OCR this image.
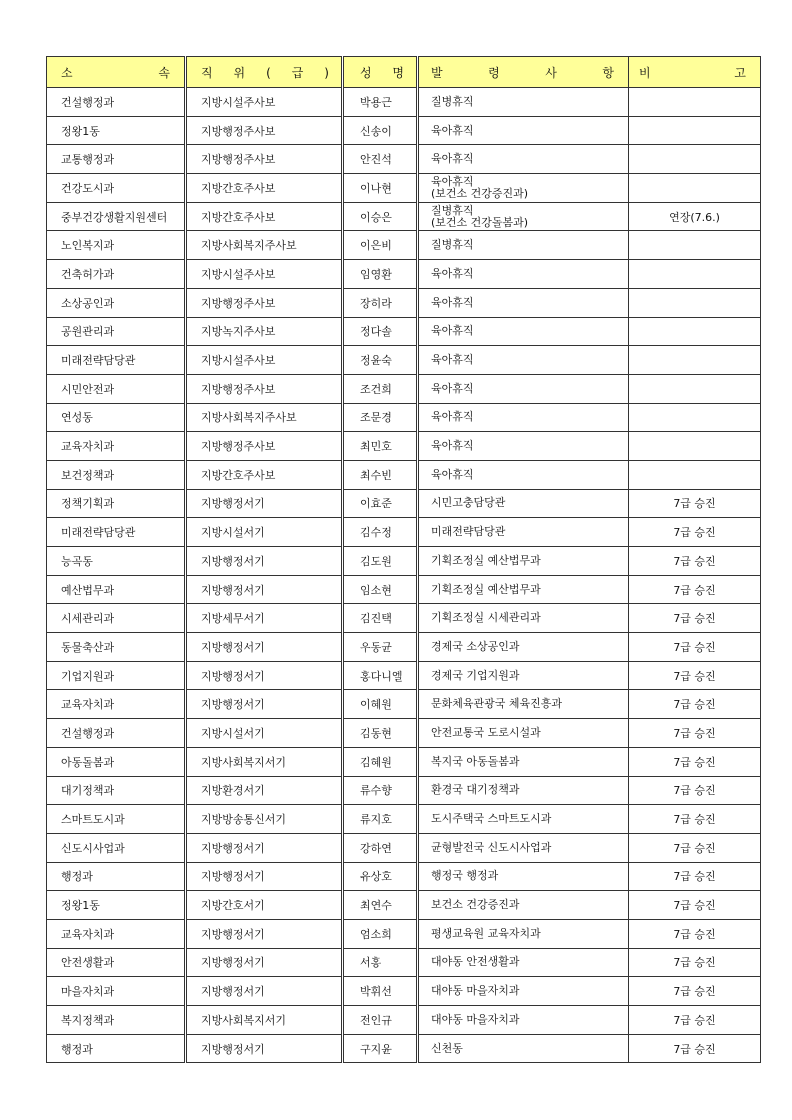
소 속	직 위 ( 급 )	성 명	발 령 사 항	비 고
건설행정과	지방시설주사보	박용근	질병휴직	

정왕1동	지방행정주사보	신송이	육아휴직	

교통행정과	지방행정주사보	안진석	육아휴직	

건강도시과	지방간호주사보	이나현	육아휴직
(보건소 건강증진과)	

중부건강생활지원센터	지방간호주사보	이승은	질병휴직
(보건소 건강돌봄과)	연장(7.6.)
노인복지과	지방사회복지주사보	이은비	질병휴직	

건축허가과	지방시설주사보	임영환	육아휴직	

소상공인과	지방행정주사보	장히라	육아휴직	

공원관리과	지방녹지주사보	정다솔	육아휴직	

미래전략담당관	지방시설주사보	정윤숙	육아휴직	

시민안전과	지방행정주사보	조건희	육아휴직	

연성동	지방사회복지주사보	조문경	육아휴직	

교육자치과	지방행정주사보	최민호	육아휴직	

보건정책과	지방간호주사보	최수빈	육아휴직	

정책기획과	지방행정서기	이효준	시민고충담당관	7급 승진
미래전략담당관	지방시설서기	김수정	미래전략담당관	7급 승진
능곡동	지방행정서기	김도원	기획조정실 예산법무과	7급 승진
예산법무과	지방행정서기	임소현	기획조정실 예산법무과	7급 승진
시세관리과	지방세무서기	김진택	기획조정실 시세관리과	7급 승진
동물축산과	지방행정서기	우동균	경제국 소상공인과	7급 승진
기업지원과	지방행정서기	홍다니엘	경제국 기업지원과	7급 승진
교육자치과	지방행정서기	이혜원	문화체육관광국 체육진흥과	7급 승진
건설행정과	지방시설서기	김동현	안전교통국 도로시설과	7급 승진
아동돌봄과	지방사회복지서기	김혜원	복지국 아동돌봄과	7급 승진
대기정책과	지방환경서기	류수향	환경국 대기정책과	7급 승진
스마트도시과	지방방송통신서기	류지호	도시주택국 스마트도시과	7급 승진
신도시사업과	지방행정서기	강하연	균형발전국 신도시사업과	7급 승진
행정과	지방행정서기	유상호	행정국 행정과	7급 승진
정왕1동	지방간호서기	최연수	보건소 건강증진과	7급 승진
교육자치과	지방행정서기	엄소희	평생교육원 교육자치과	7급 승진
안전생활과	지방행정서기	서홍	대야동 안전생활과	7급 승진
마을자치과	지방행정서기	박휘선	대야동 마을자치과	7급 승진
복지정책과	지방사회복지서기	전인규	대야동 마을자치과	7급 승진
행정과	지방행정서기	구지윤	신천동	7급 승진
